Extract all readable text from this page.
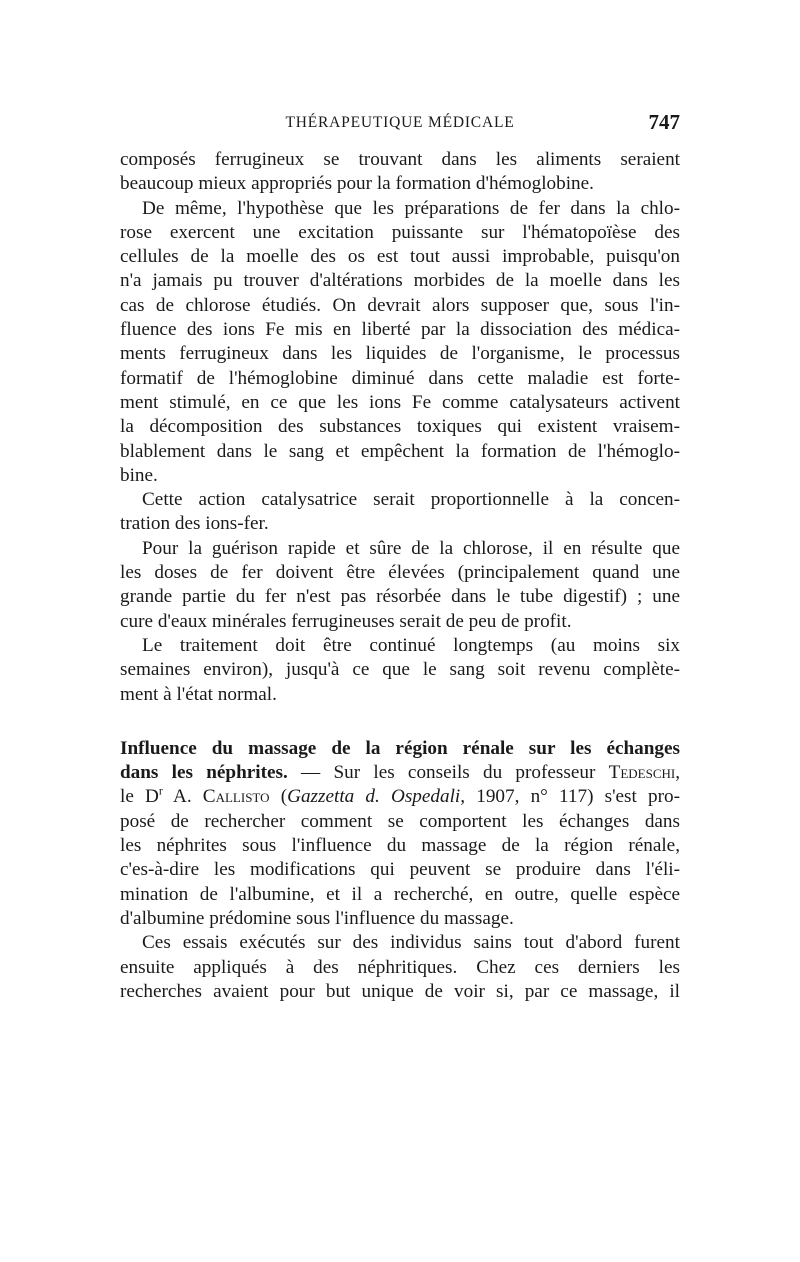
THÉRAPEUTIQUE MÉDICALE	747
composés ferrugineux se trouvant dans les aliments seraient
beaucoup mieux appropriés pour la formation d'hémoglobine.
De même, l'hypothèse que les préparations de fer dans la chlo-
rose exercent une excitation puissante sur l'hématopoïèse des
cellules de la moelle des os est tout aussi improbable, puisqu'on
n'a jamais pu trouver d'altérations morbides de la moelle dans les
cas de chlorose étudiés. On devrait alors supposer que, sous l'in-
fluence des ions Fe mis en liberté par la dissociation des médica-
ments ferrugineux dans les liquides de l'organisme, le processus
formatif de l'hémoglobine diminué dans cette maladie est forte-
ment stimulé, en ce que les ions Fe comme catalysateurs activent
la décomposition des substances toxiques qui existent vraisem-
blablement dans le sang et empêchent la formation de l'hémoglo-
bine.
Cette action catalysatrice serait proportionnelle à la concen-
tration des ions-fer.
Pour la guérison rapide et sûre de la chlorose, il en résulte que
les doses de fer doivent être élevées (principalement quand une
grande partie du fer n'est pas résorbée dans le tube digestif) ; une
cure d'eaux minérales ferrugineuses serait de peu de profit.
Le traitement doit être continué longtemps (au moins six
semaines environ), jusqu'à ce que le sang soit revenu complète-
ment à l'état normal.
Influence du massage de la région rénale sur les échanges
dans les néphrites. — Sur les conseils du professeur Tedeschi,
le $D^r$ A. Callisto (Gazzetta d. Ospedali, 1907, n° 117) s'est pro-
posé de rechercher comment se comportent les échanges dans
les néphrites sous l'influence du massage de la région rénale,
c'es-à-dire les modifications qui peuvent se produire dans l'éli-
mination de l'albumine, et il a recherché, en outre, quelle espèce
d'albumine prédomine sous l'influence du massage.
Ces essais exécutés sur des individus sains tout d'abord furent
ensuite appliqués à des néphritiques. Chez ces derniers les
recherches avaient pour but unique de voir si, par ce massage, il
